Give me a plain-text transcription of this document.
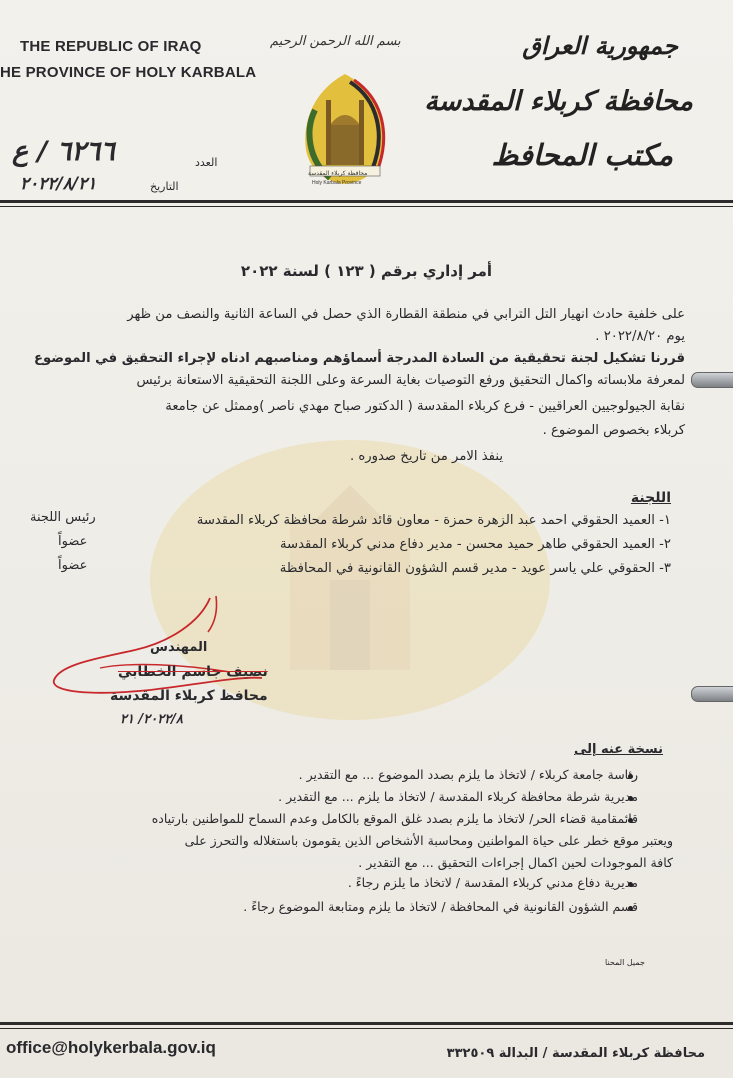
THE REPUBLIC OF IRAQ
HE PROVINCE OF HOLY KARBALA
بسم الله الرحمن الرحيم
محافظة كربلاء المقدسة
Holy Karbala Province
جمهورية العراق
محافظة كربلاء المقدسة
مكتب المحافظ
العدد
٦٢٦٦ / ع
التاريخ
٢٠٢٢/٨/٢١
أمر إداري برقم ( ١٢٣ ) لسنة ٢٠٢٢
على خلفية حادث انهيار التل الترابي في منطقة القطارة الذي حصل في الساعة الثانية والنصف من ظهر
يوم ٢٠٢٢/٨/٢٠ .
قررنا تشكيل لجنة تحقيقية من السادة المدرجة أسماؤهم ومناصبهم ادناه لإجراء التحقيق في الموضوع
لمعرفة ملابساته واكمال التحقيق ورفع التوصيات بغاية السرعة وعلى اللجنة التحقيقية الاستعانة برئيس
نقابة الجيولوجيين العراقيين - فرع كربلاء المقدسة ( الدكتور صباح مهدي ناصر )وممثل عن جامعة
كربلاء بخصوص الموضوع .
ينفذ الامر من تاريخ صدوره .
اللجنة
١- العميد الحقوقي احمد عبد الزهرة حمزة - معاون قائد شرطة محافظة كربلاء المقدسة
رئيس اللجنة
٢- العميد الحقوقي طاهر حميد محسن - مدير دفاع مدني كربلاء المقدسة
عضواً
٣- الحقوقي علي ياسر عويد - مدير قسم الشؤون القانونية في المحافظة
عضواً
المهندس
نصيف جاسم الخطابي
محافظ كربلاء المقدسة
٢٠٢٢/٨/ ٢١
نسخة عنه إلى
رئاسة جامعة كربلاء / لاتخاذ ما يلزم بصدد الموضوع ... مع التقدير .
مديرية شرطة محافظة كربلاء المقدسة / لاتخاذ ما يلزم ... مع التقدير .
قائمقامية قضاء الحر/ لاتخاذ ما يلزم بصدد غلق الموقع بالكامل وعدم السماح للمواطنين بارتياده
ويعتبر موقع خطر على حياة المواطنين ومحاسبة الأشخاص الذين يقومون باستغلاله والتحرز على
كافة الموجودات لحين اكمال إجراءات التحقيق ... مع التقدير .
مديرية دفاع مدني كربلاء المقدسة / لاتخاذ ما يلزم رجاءً .
قسم الشؤون القانونية في المحافظة / لاتخاذ ما يلزم ومتابعة الموضوع رجاءً .
جميل المحنا
office@holykerbala.gov.iq	محافظة كربلاء المقدسة / البدالة ٣٣٢٥٠٩
